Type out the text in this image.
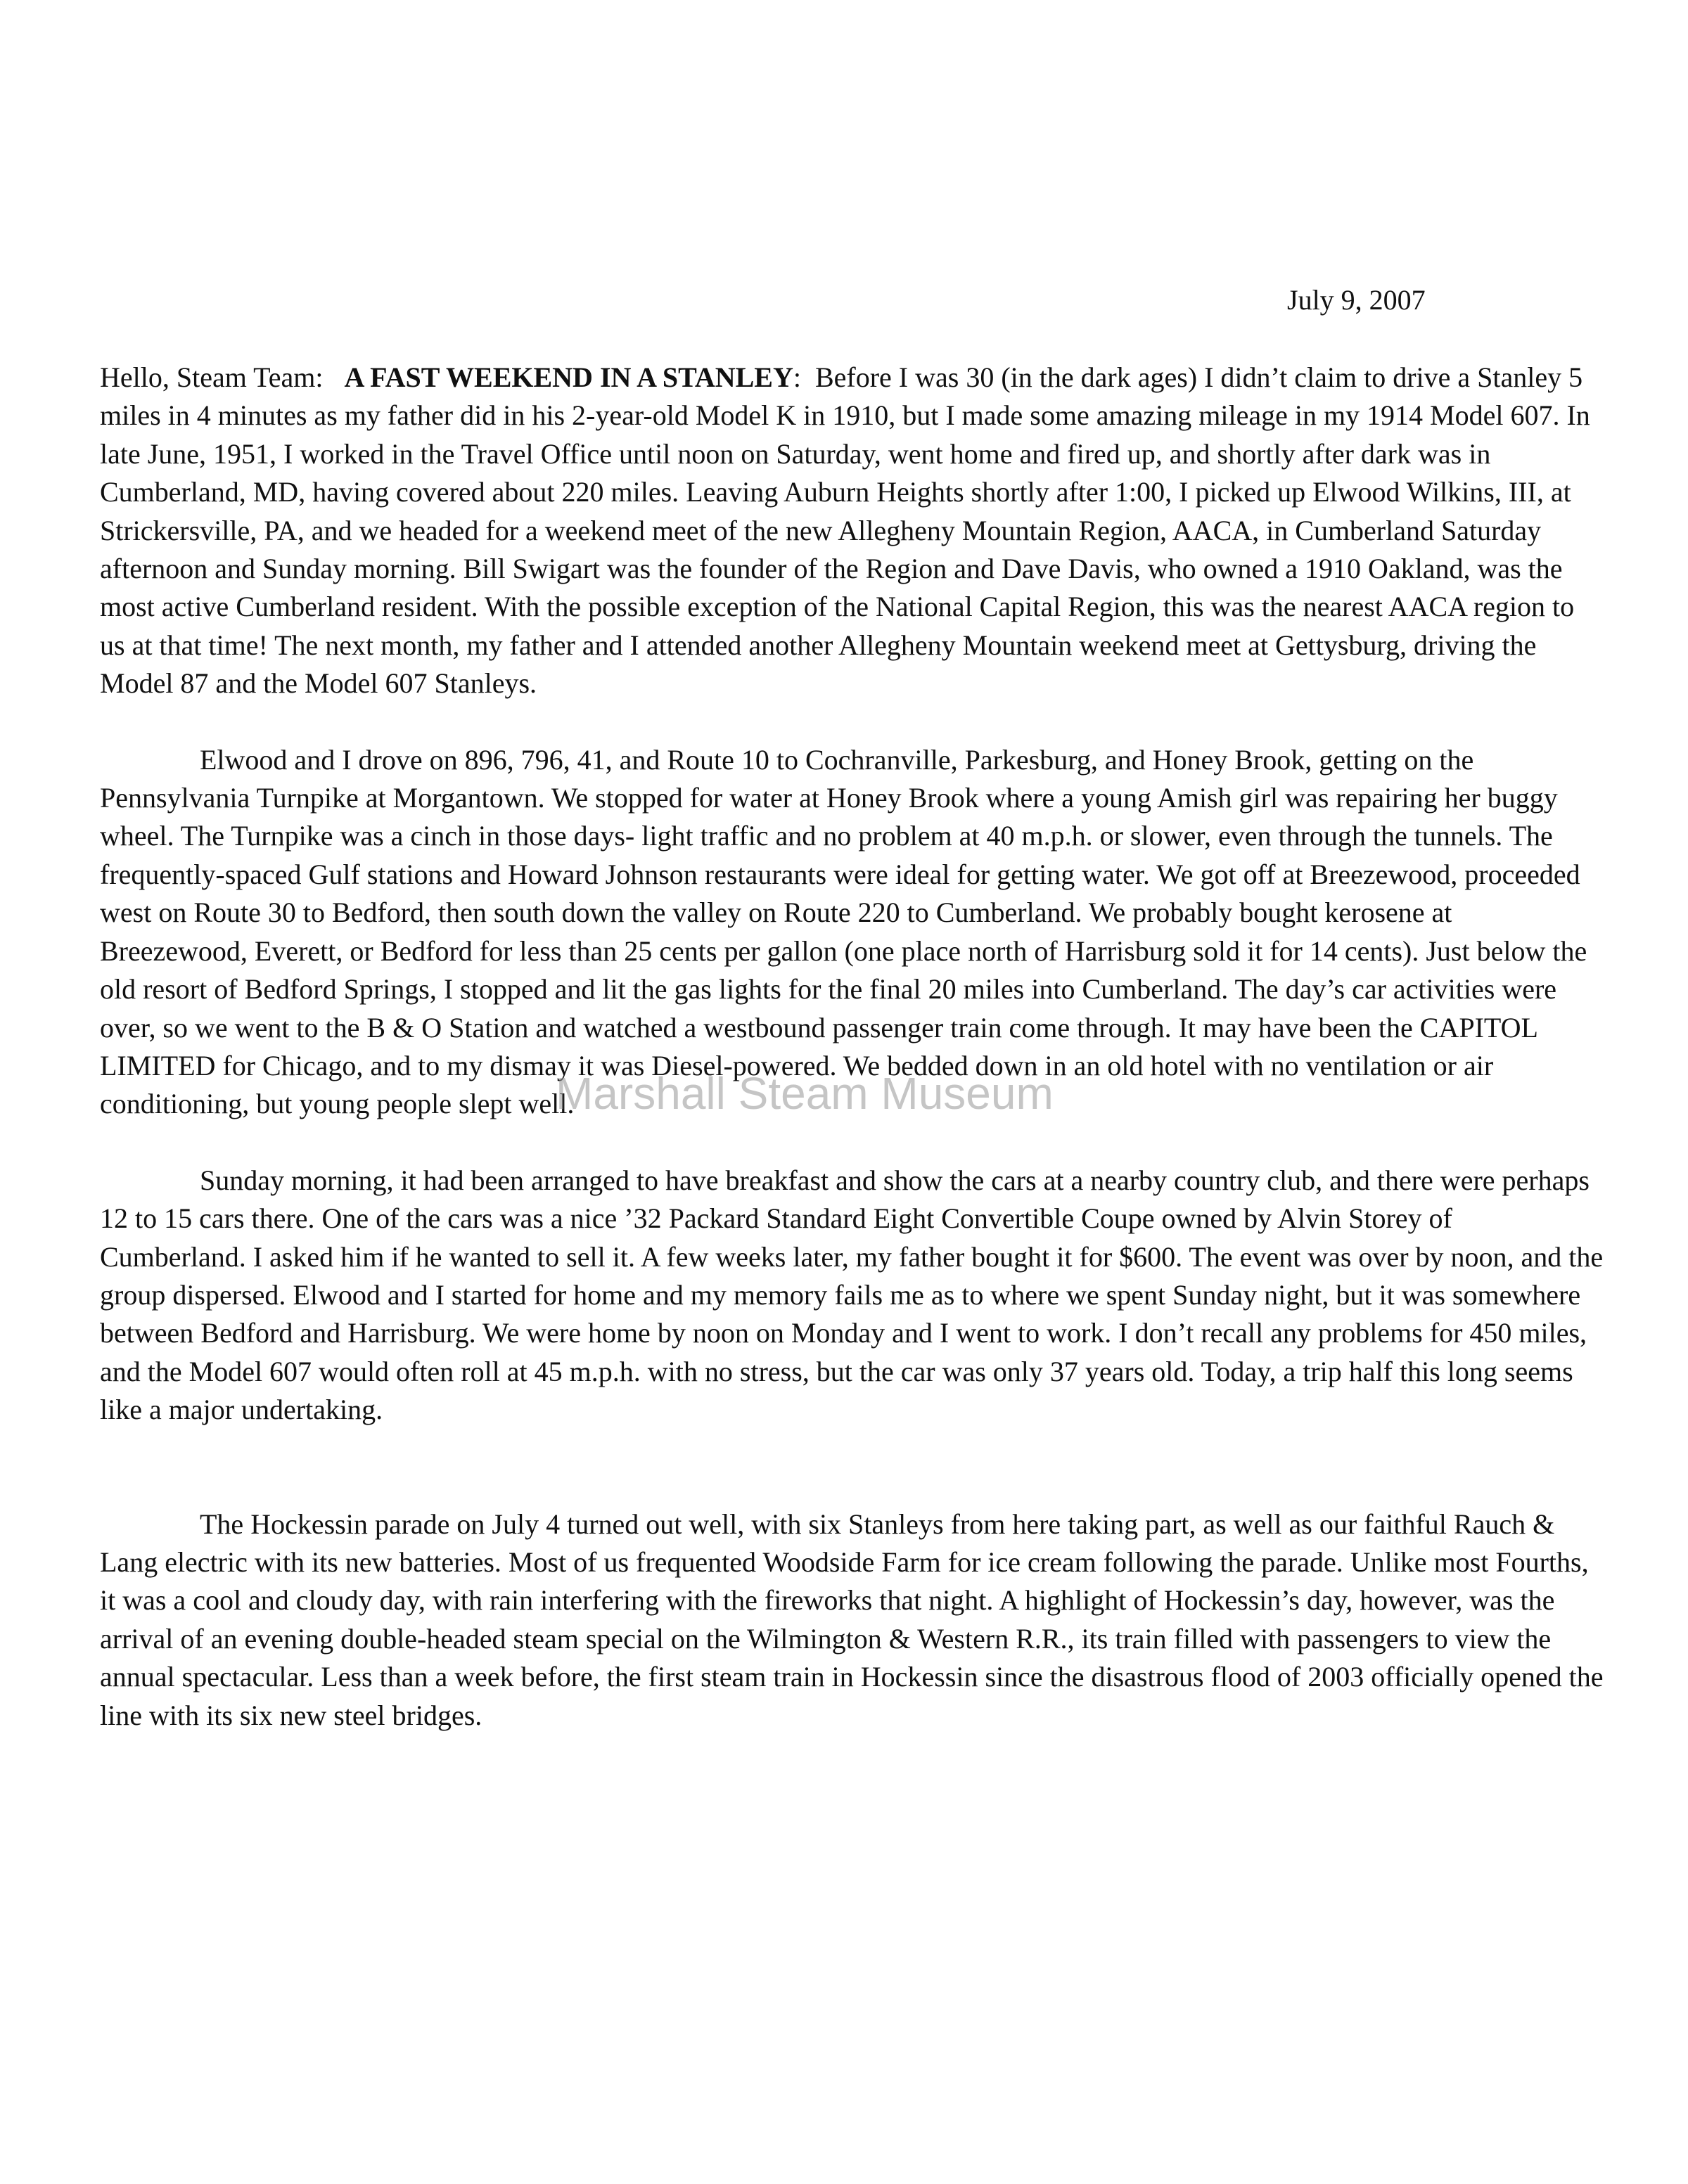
July 9, 2007

Hello, Steam Team: A FAST WEEKEND IN A STANLEY:  Before I was 30 (in the dark ages) I didn’t claim to drive a Stanley 5 miles in 4 minutes as my father did in his 2-year-old Model K in 1910, but I made some amazing mileage in my 1914 Model 607. In late June, 1951, I worked in the Travel Office until noon on Saturday, went home and fired up, and shortly after dark was in Cumberland, MD, having covered about 220 miles. Leaving Auburn Heights shortly after 1:00, I picked up Elwood Wilkins, III, at Strickersville, PA, and we headed for a weekend meet of the new Allegheny Mountain Region, AACA, in Cumberland Saturday afternoon and Sunday morning. Bill Swigart was the founder of the Region and Dave Davis, who owned a 1910 Oakland, was the most active Cumberland resident. With the possible exception of the National Capital Region, this was the nearest AACA region to us at that time! The next month, my father and I attended another Allegheny Mountain weekend meet at Gettysburg, driving the Model 87 and the Model 607 Stanleys.

Elwood and I drove on 896, 796, 41, and Route 10 to Cochranville, Parkesburg, and Honey Brook, getting on the Pennsylvania Turnpike at Morgantown. We stopped for water at Honey Brook where a young Amish girl was repairing her buggy wheel. The Turnpike was a cinch in those days- light traffic and no problem at 40 m.p.h. or slower, even through the tunnels. The frequently-spaced Gulf stations and Howard Johnson restaurants were ideal for getting water. We got off at Breezewood, proceeded west on Route 30 to Bedford, then south down the valley on Route 220 to Cumberland. We probably bought kerosene at Breezewood, Everett, or Bedford for less than 25 cents per gallon (one place north of Harrisburg sold it for 14 cents). Just below the old resort of Bedford Springs, I stopped and lit the gas lights for the final 20 miles into Cumberland. The day’s car activities were over, so we went to the B & O Station and watched a westbound passenger train come through. It may have been the CAPITOL LIMITED for Chicago, and to my dismay it was Diesel-powered. We bedded down in an old hotel with no ventilation or air conditioning, but young people slept well.

Sunday morning, it had been arranged to have breakfast and show the cars at a nearby country club, and there were perhaps 12 to 15 cars there. One of the cars was a nice ’32 Packard Standard Eight Convertible Coupe owned by Alvin Storey of Cumberland. I asked him if he wanted to sell it. A few weeks later, my father bought it for $600. The event was over by noon, and the group dispersed. Elwood and I started for home and my memory fails me as to where we spent Sunday night, but it was somewhere between Bedford and Harrisburg. We were home by noon on Monday and I went to work. I don’t recall any problems for 450 miles, and the Model 607 would often roll at 45 m.p.h. with no stress, but the car was only 37 years old. Today, a trip half this long seems like a major undertaking.

The Hockessin parade on July 4 turned out well, with six Stanleys from here taking part, as well as our faithful Rauch & Lang electric with its new batteries. Most of us frequented Woodside Farm for ice cream following the parade. Unlike most Fourths, it was a cool and cloudy day, with rain interfering with the fireworks that night. A highlight of Hockessin’s day, however, was the arrival of an evening double-headed steam special on the Wilmington & Western R.R., its train filled with passengers to view the annual spectacular. Less than a week before, the first steam train in Hockessin since the disastrous flood of 2003 officially opened the line with its six new steel bridges.

Marshall Steam Museum
